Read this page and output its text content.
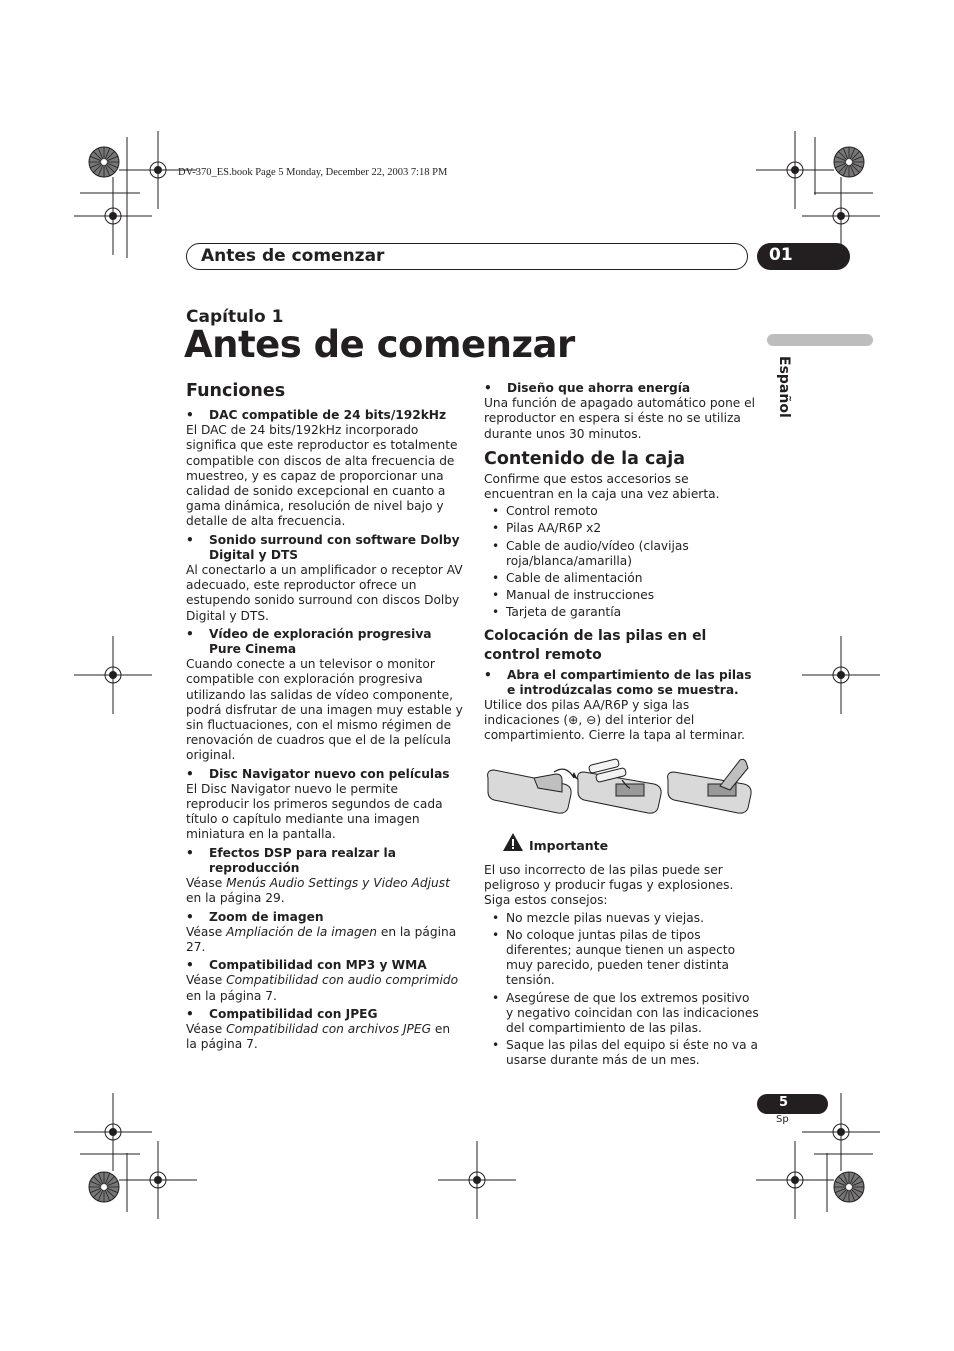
DV-370_ES.book Page 5 Monday, December 22, 2003 7:18 PM
Antes de comenzar	01
Capítulo 1
Antes de comenzar
Español
Funciones

• DAC compatible de 24 bits/192kHz

El DAC de 24 bits/192kHz incorporado significa que este reproductor es totalmente compatible con discos de alta frecuencia de muestreo, y es capaz de proporcionar una calidad de sonido excepcional en cuanto a gama dinámica, resolución de nivel bajo y detalle de alta frecuencia.

• Sonido surround con software Dolby Digital y DTS

Al conectarlo a un amplificador o receptor AV adecuado, este reproductor ofrece un estupendo sonido surround con discos Dolby Digital y DTS.

• Vídeo de exploración progresiva Pure Cinema

Cuando conecte a un televisor o monitor compatible con exploración progresiva utilizando las salidas de vídeo componente, podrá disfrutar de una imagen muy estable y sin fluctuaciones, con el mismo régimen de renovación de cuadros que el de la película original.

• Disc Navigator nuevo con películas

El Disc Navigator nuevo le permite reproducir los primeros segundos de cada título o capítulo mediante una imagen miniatura en la pantalla.

• Efectos DSP para realzar la reproducción

Véase Menús Audio Settings y Video Adjust en la página 29.

• Zoom de imagen

Véase Ampliación de la imagen en la página 27.

• Compatibilidad con MP3 y WMA

Véase Compatibilidad con audio comprimido en la página 7.

• Compatibilidad con JPEG

Véase Compatibilidad con archivos JPEG en la página 7.

• Diseño que ahorra energía

Una función de apagado automático pone el reproductor en espera si éste no se utiliza durante unos 30 minutos.

Contenido de la caja

Confirme que estos accesorios se encuentran en la caja una vez abierta.

• Control remoto
• Pilas AA/R6P x2
• Cable de audio/vídeo (clavijas roja/blanca/amarilla)
• Cable de alimentación
• Manual de instrucciones
• Tarjeta de garantía
Colocación de las pilas en el control remoto

• Abra el compartimiento de las pilas e introdúzcalas como se muestra.

Utilice dos pilas AA/R6P y siga las indicaciones (⊕, ⊖) del interior del compartimiento. Cierre la tapa al terminar.

El uso incorrecto de las pilas puede ser peligroso y producir fugas y explosiones. Siga estos consejos:

• No mezcle pilas nuevas y viejas.
• No coloque juntas pilas de tipos diferentes; aunque tienen un aspecto muy parecido, pueden tener distinta tensión.
• Asegúrese de que los extremos positivo y negativo coincidan con las indicaciones del compartimiento de las pilas.
• Saque las pilas del equipo si éste no va a usarse durante más de un mes.
Importante
5
Sp
